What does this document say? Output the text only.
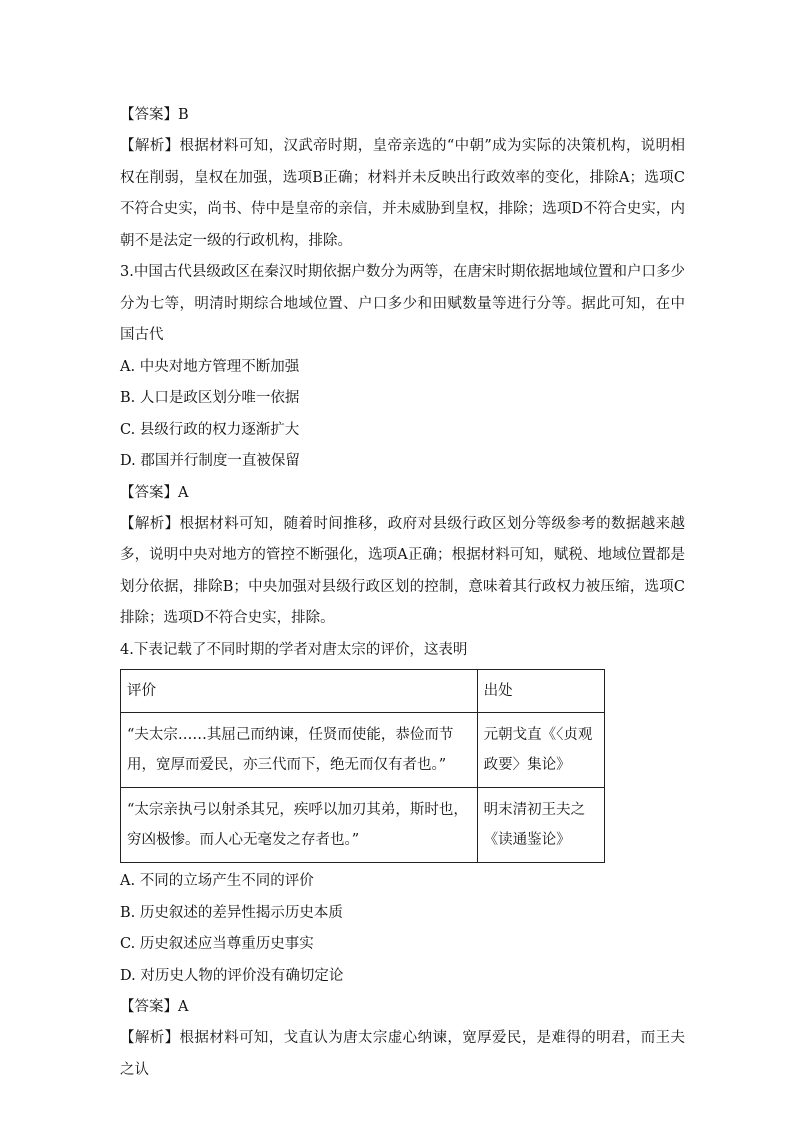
【答案】B

【解析】根据材料可知，汉武帝时期，皇帝亲选的“中朝”成为实际的决策机构，说明相权在削弱，皇权在加强，选项B正确；材料并未反映出行政效率的变化，排除A；选项C不符合史实，尚书、侍中是皇帝的亲信，并未威胁到皇权，排除；选项D不符合史实，内朝不是法定一级的行政机构，排除。

3.中国古代县级政区在秦汉时期依据户数分为两等，在唐宋时期依据地域位置和户口多少分为七等，明清时期综合地域位置、户口多少和田赋数量等进行分等。据此可知，在中国古代

A. 中央对地方管理不断加强

B. 人口是政区划分唯一依据

C. 县级行政的权力逐渐扩大

D. 郡国并行制度一直被保留

【答案】A

【解析】根据材料可知，随着时间推移，政府对县级行政区划分等级参考的数据越来越多，说明中央对地方的管控不断强化，选项A正确；根据材料可知，赋税、地域位置都是划分依据，排除B；中央加强对县级行政区划的控制，意味着其行政权力被压缩，选项C排除；选项D不符合史实，排除。

4.下表记载了不同时期的学者对唐太宗的评价，这表明

评价	出处
“夫太宗……其屈己而纳谏，任贤而使能，恭俭而节用，宽厚而爱民，亦三代而下，绝无而仅有者也。”	元朝戈直《〈贞观政要〉集论》
“太宗亲执弓以射杀其兄，疾呼以加刃其弟，斯时也，穷凶极惨。而人心无毫发之存者也。”	明末清初王夫之《读通鉴论》

A. 不同的立场产生不同的评价

B. 历史叙述的差异性揭示历史本质

C. 历史叙述应当尊重历史事实

D. 对历史人物的评价没有确切定论

【答案】A

【解析】根据材料可知，戈直认为唐太宗虚心纳谏，宽厚爱民，是难得的明君，而王夫之认
